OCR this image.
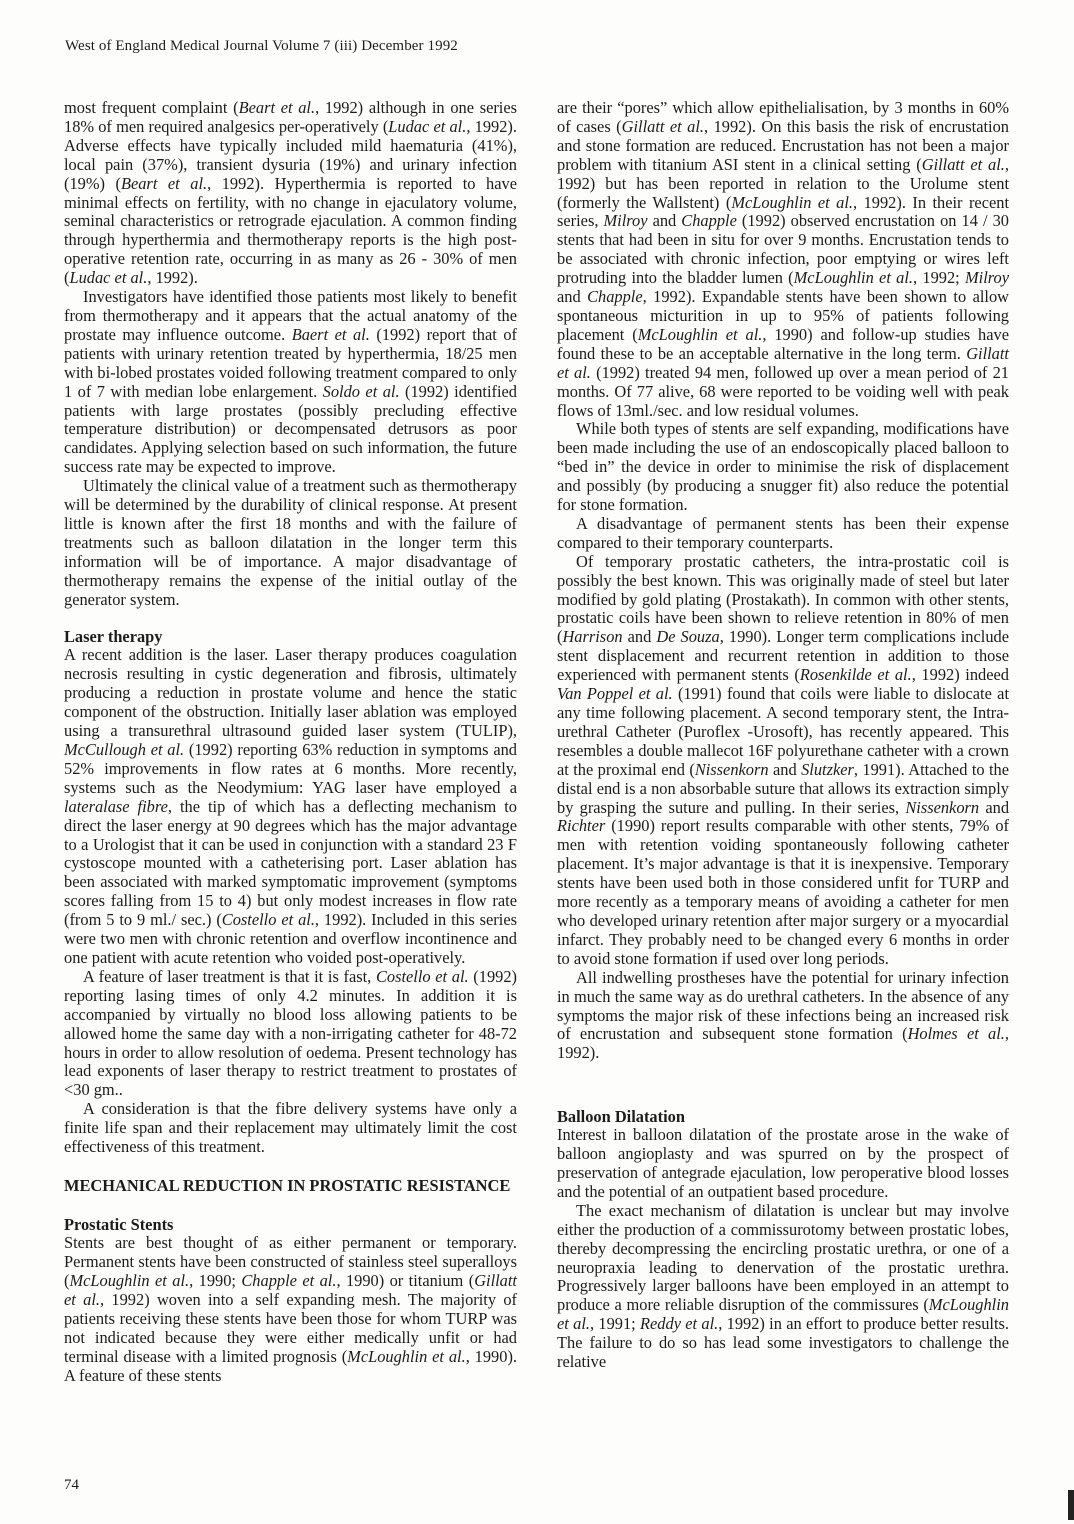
West of England Medical Journal Volume 7 (iii) December 1992

most frequent complaint (Beart et al., 1992) although in one series 18% of men required analgesics per-operatively (Ludac et al., 1992). Adverse effects have typically included mild haematuria (41%), local pain (37%), transient dysuria (19%) and urinary infection (19%) (Beart et al., 1992). Hyperthermia is reported to have minimal effects on fertility, with no change in ejaculatory volume, seminal characteristics or retrograde ejaculation. A common finding through hyperthermia and thermotherapy reports is the high post-operative retention rate, occurring in as many as 26 - 30% of men (Ludac et al., 1992).

Investigators have identified those patients most likely to benefit from thermotherapy and it appears that the actual anatomy of the prostate may influence outcome. Baert et al. (1992) report that of patients with urinary retention treated by hyperthermia, 18/25 men with bi-lobed prostates voided following treatment compared to only 1 of 7 with median lobe enlargement. Soldo et al. (1992) identified patients with large prostates (possibly precluding effective temperature distribution) or decompensated detrusors as poor candidates. Applying selection based on such information, the future success rate may be expected to improve.

Ultimately the clinical value of a treatment such as thermotherapy will be determined by the durability of clinical response. At present little is known after the first 18 months and with the failure of treatments such as balloon dilatation in the longer term this information will be of importance. A major disadvantage of thermotherapy remains the expense of the initial outlay of the generator system.

Laser therapy

A recent addition is the laser. Laser therapy produces coagulation necrosis resulting in cystic degeneration and fibrosis, ultimately producing a reduction in prostate volume and hence the static component of the obstruction. Initially laser ablation was employed using a transurethral ultrasound guided laser system (TULIP), McCullough et al. (1992) reporting 63% reduction in symptoms and 52% improvements in flow rates at 6 months. More recently, systems such as the Neodymium: YAG laser have employed a lateralase fibre, the tip of which has a deflecting mechanism to direct the laser energy at 90 degrees which has the major advantage to a Urologist that it can be used in conjunction with a standard 23 F cystoscope mounted with a catheterising port. Laser ablation has been associated with marked symptomatic improvement (symptoms scores falling from 15 to 4) but only modest increases in flow rate (from 5 to 9 ml./ sec.) (Costello et al., 1992). Included in this series were two men with chronic retention and overflow incontinence and one patient with acute retention who voided post-operatively.

A feature of laser treatment is that it is fast, Costello et al. (1992) reporting lasing times of only 4.2 minutes. In addition it is accompanied by virtually no blood loss allowing patients to be allowed home the same day with a non-irrigating catheter for 48-72 hours in order to allow resolution of oedema. Present technology has lead exponents of laser therapy to restrict treatment to prostates of <30 gm..

A consideration is that the fibre delivery systems have only a finite life span and their replacement may ultimately limit the cost effectiveness of this treatment.

MECHANICAL REDUCTION IN PROSTATIC RESISTANCE
Prostatic Stents

Stents are best thought of as either permanent or temporary. Permanent stents have been constructed of stainless steel superalloys (McLoughlin et al., 1990; Chapple et al., 1990) or titanium (Gillatt et al., 1992) woven into a self expanding mesh. The majority of patients receiving these stents have been those for whom TURP was not indicated because they were either medically unfit or had terminal disease with a limited prognosis (McLoughlin et al., 1990). A feature of these stents

are their “pores” which allow epithelialisation, by 3 months in 60% of cases (Gillatt et al., 1992). On this basis the risk of encrustation and stone formation are reduced. Encrustation has not been a major problem with titanium ASI stent in a clinical setting (Gillatt et al., 1992) but has been reported in relation to the Urolume stent (formerly the Wallstent) (McLoughlin et al., 1992). In their recent series, Milroy and Chapple (1992) observed encrustation on 14 / 30 stents that had been in situ for over 9 months. Encrustation tends to be associated with chronic infection, poor emptying or wires left protruding into the bladder lumen (McLoughlin et al., 1992; Milroy and Chapple, 1992). Expandable stents have been shown to allow spontaneous micturition in up to 95% of patients following placement (McLoughlin et al., 1990) and follow-up studies have found these to be an acceptable alternative in the long term. Gillatt et al. (1992) treated 94 men, followed up over a mean period of 21 months. Of 77 alive, 68 were reported to be voiding well with peak flows of 13ml./sec. and low residual volumes.

While both types of stents are self expanding, modifications have been made including the use of an endoscopically placed balloon to “bed in” the device in order to minimise the risk of displacement and possibly (by producing a snugger fit) also reduce the potential for stone formation.

A disadvantage of permanent stents has been their expense compared to their temporary counterparts.

Of temporary prostatic catheters, the intra-prostatic coil is possibly the best known. This was originally made of steel but later modified by gold plating (Prostakath). In common with other stents, prostatic coils have been shown to relieve retention in 80% of men (Harrison and De Souza, 1990). Longer term complications include stent displacement and recurrent retention in addition to those experienced with permanent stents (Rosenkilde et al., 1992) indeed Van Poppel et al. (1991) found that coils were liable to dislocate at any time following placement. A second temporary stent, the Intra-urethral Catheter (Puroflex -Urosoft), has recently appeared. This resembles a double mallecot 16F polyurethane catheter with a crown at the proximal end (Nissenkorn and Slutzker, 1991). Attached to the distal end is a non absorbable suture that allows its extraction simply by grasping the suture and pulling. In their series, Nissenkorn and Richter (1990) report results comparable with other stents, 79% of men with retention voiding spontaneously following catheter placement. It’s major advantage is that it is inexpensive. Temporary stents have been used both in those considered unfit for TURP and more recently as a temporary means of avoiding a catheter for men who developed urinary retention after major surgery or a myocardial infarct. They probably need to be changed every 6 months in order to avoid stone formation if used over long periods.

All indwelling prostheses have the potential for urinary infection in much the same way as do urethral catheters. In the absence of any symptoms the major risk of these infections being an increased risk of encrustation and subsequent stone formation (Holmes et al., 1992).

Balloon Dilatation

Interest in balloon dilatation of the prostate arose in the wake of balloon angioplasty and was spurred on by the prospect of preservation of antegrade ejaculation, low peroperative blood losses and the potential of an outpatient based procedure.

The exact mechanism of dilatation is unclear but may involve either the production of a commissurotomy between prostatic lobes, thereby decompressing the encircling prostatic urethra, or one of a neuropraxia leading to denervation of the prostatic urethra. Progressively larger balloons have been employed in an attempt to produce a more reliable disruption of the commissures (McLoughlin et al., 1991; Reddy et al., 1992) in an effort to produce better results. The failure to do so has lead some investigators to challenge the relative

74
